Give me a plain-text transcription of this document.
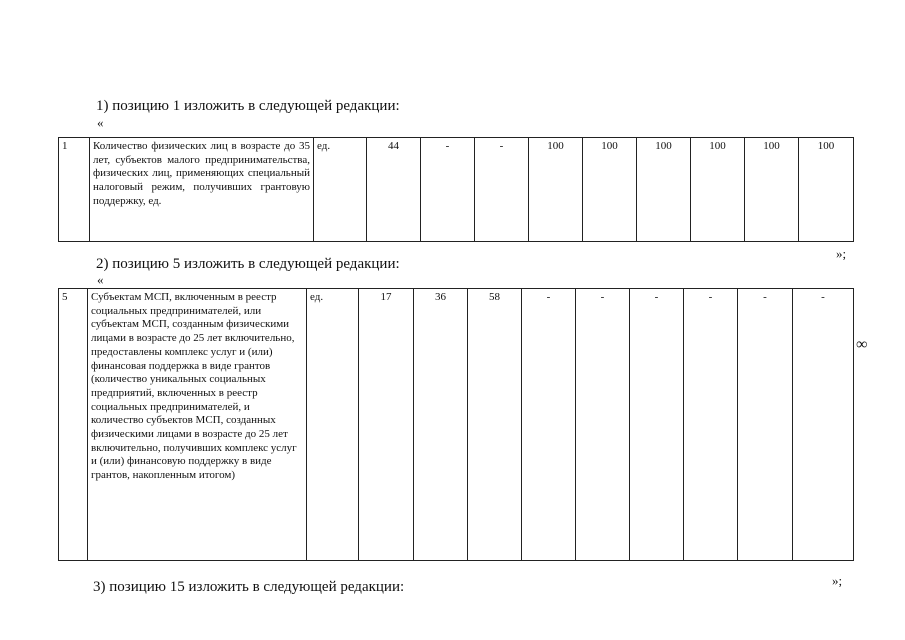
1) позицию 1 изложить в следующей редакции:
«
1	Количество физических лиц в возрасте до 35 лет, субъектов малого предпринимательства, физических лиц, применяющих специальный налоговый режим, получивших грантовую поддержку, ед.	ед.	44	-	-	100	100	100	100	100	100
»;
2) позицию 5 изложить в следующей редакции:
«
5	Субъектам МСП, включенным в реестр социальных предпринимателей, или субъектам МСП, созданным физическими лицами в возрасте до 25 лет включительно, предоставлены комплекс услуг и (или) финансовая поддержка в виде грантов (количество уникальных социальных предприятий, включенных в реестр социальных предпринимателей, и количество субъектов МСП, созданных физическими лицами в возрасте до 25 лет включительно, получивших комплекс услуг и (или) финансовую поддержку в виде грантов, накопленным итогом)	ед.	17	36	58	-	-	-	-	-	-
∞
»;
3) позицию 15 изложить в следующей редакции:
